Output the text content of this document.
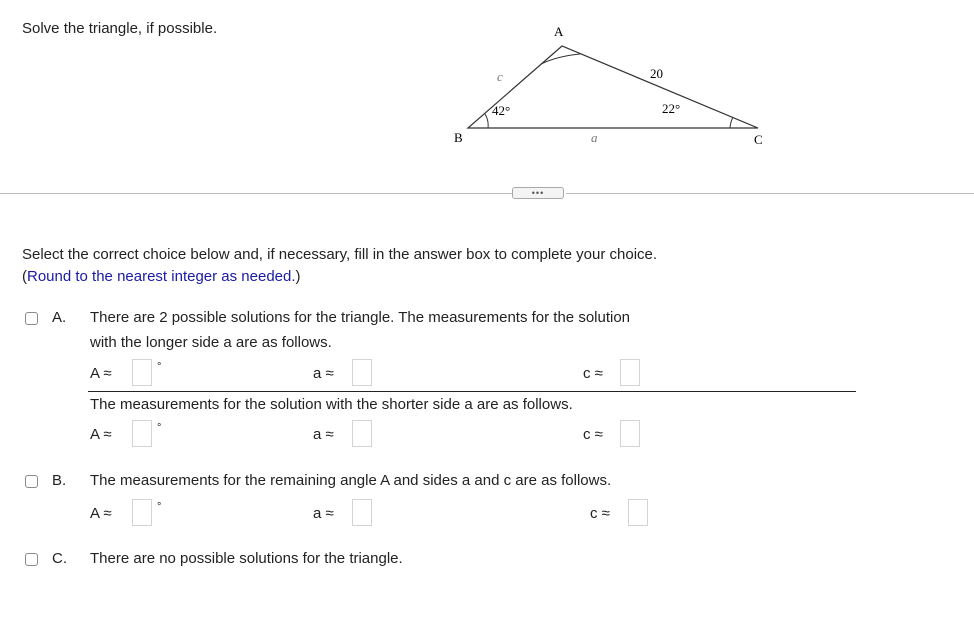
Solve the triangle, if possible.	A
B	C
c	20
a
42°	22°
•••
Select the correct choice below and, if necessary, fill in the answer box to complete your choice.
(Round to the nearest integer as needed.)
A. There are 2 possible solutions for the triangle. The measurements for the solution
with the longer side a are as follows.
A ≈	°	a ≈	c ≈
The measurements for the solution with the shorter side a are as follows.
A ≈	°	a ≈	c ≈
B. The measurements for the remaining angle A and sides a and c are as follows.
A ≈	°	a ≈	c ≈
C. There are no possible solutions for the triangle.
